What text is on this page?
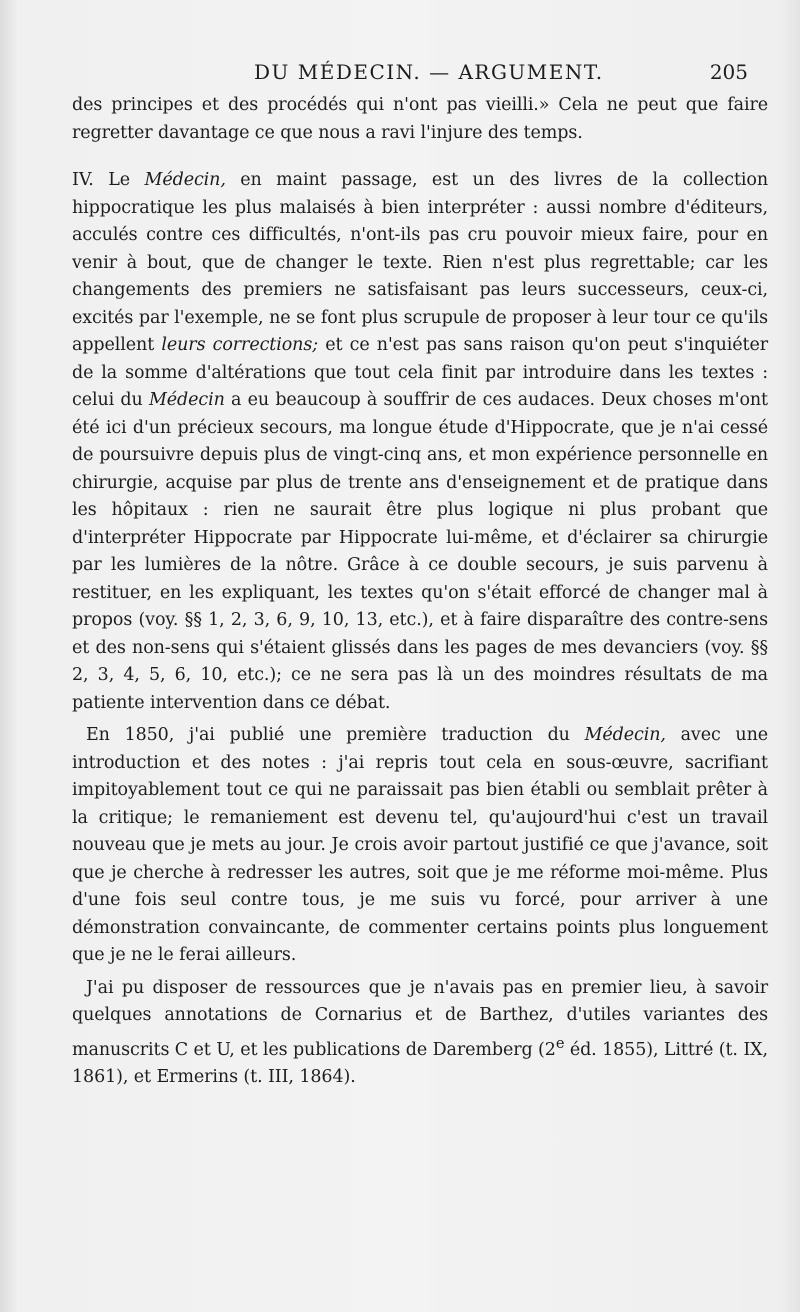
DU MÉDECIN. — ARGUMENT.	205

des principes et des procédés qui n'ont pas vieilli.» Cela ne peut que faire regretter davantage ce que nous a ravi l'injure des temps.

IV. Le Médecin, en maint passage, est un des livres de la collection hippocratique les plus malaisés à bien interpréter : aussi nombre d'éditeurs, acculés contre ces difficultés, n'ont-ils pas cru pouvoir mieux faire, pour en venir à bout, que de changer le texte. Rien n'est plus regrettable; car les changements des premiers ne satisfaisant pas leurs successeurs, ceux-ci, excités par l'exemple, ne se font plus scrupule de proposer à leur tour ce qu'ils appellent leurs corrections; et ce n'est pas sans raison qu'on peut s'inquiéter de la somme d'altérations que tout cela finit par introduire dans les textes : celui du Médecin a eu beaucoup à souffrir de ces audaces. Deux choses m'ont été ici d'un précieux secours, ma longue étude d'Hippocrate, que je n'ai cessé de poursuivre depuis plus de vingt-cinq ans, et mon expérience personnelle en chirurgie, acquise par plus de trente ans d'enseignement et de pratique dans les hôpitaux : rien ne saurait être plus logique ni plus probant que d'interpréter Hippocrate par Hippocrate lui-même, et d'éclairer sa chirurgie par les lumières de la nôtre. Grâce à ce double secours, je suis parvenu à restituer, en les expliquant, les textes qu'on s'était efforcé de changer mal à propos (voy. §§ 1, 2, 3, 6, 9, 10, 13, etc.), et à faire disparaître des contre-sens et des non-sens qui s'étaient glissés dans les pages de mes devanciers (voy. §§ 2, 3, 4, 5, 6, 10, etc.); ce ne sera pas là un des moindres résultats de ma patiente intervention dans ce débat.

En 1850, j'ai publié une première traduction du Médecin, avec une introduction et des notes : j'ai repris tout cela en sous-œuvre, sacrifiant impitoyablement tout ce qui ne paraissait pas bien établi ou semblait prêter à la critique; le remaniement est devenu tel, qu'aujourd'hui c'est un travail nouveau que je mets au jour. Je crois avoir partout justifié ce que j'avance, soit que je cherche à redresser les autres, soit que je me réforme moi-même. Plus d'une fois seul contre tous, je me suis vu forcé, pour arriver à une démonstration convaincante, de commenter certains points plus longuement que je ne le ferai ailleurs.

J'ai pu disposer de ressources que je n'avais pas en premier lieu, à savoir quelques annotations de Cornarius et de Barthez, d'utiles variantes des manuscrits C et U, et les publications de Daremberg (2e éd. 1855), Littré (t. IX, 1861), et Ermerins (t. III, 1864).
